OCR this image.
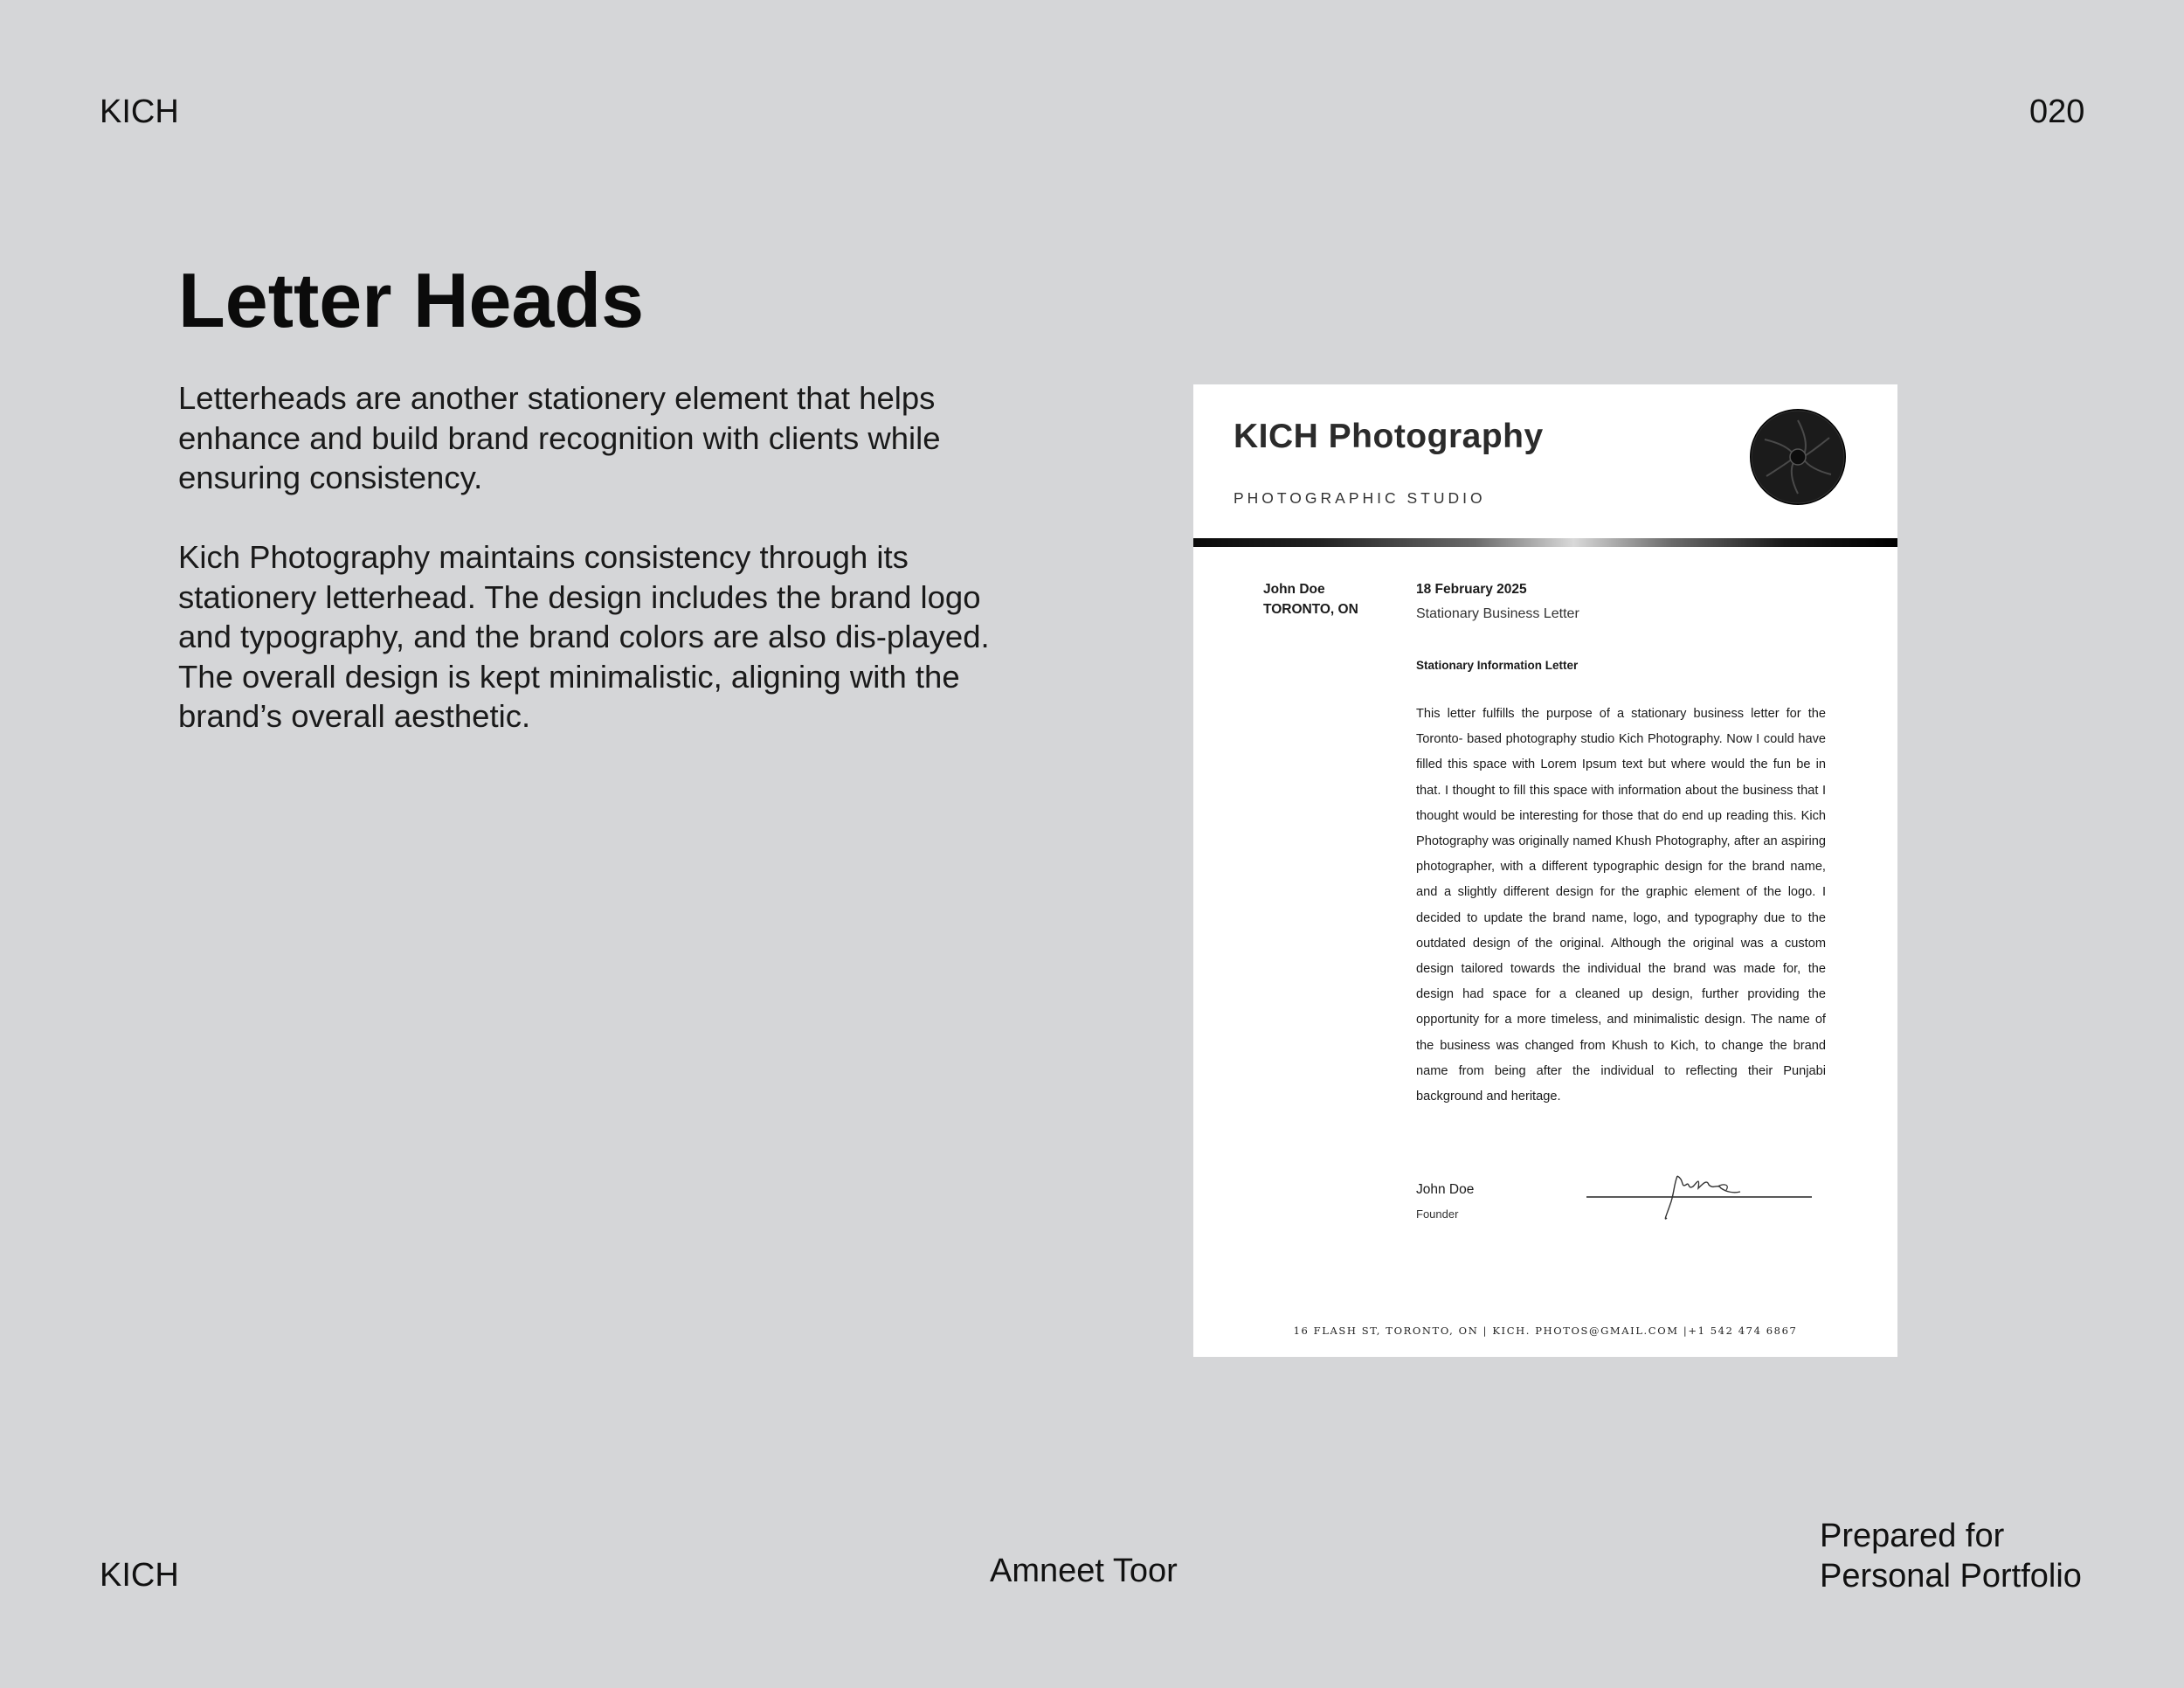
KICH	020
Letter Heads

Letterheads are another stationery element that helps enhance and build brand recognition with clients while ensuring consistency.

Kich Photography maintains consistency through its stationery letterhead. The design includes the brand logo and typography, and the brand colors are also dis-played. The overall design is kept minimalistic, aligning with the brand’s overall aesthetic.

KICH Photography
PHOTOGRAPHIC STUDIO
John Doe
TORONTO, ON
18 February 2025
Stationary Business Letter
Stationary Information Letter
This letter fulfills the purpose of a stationary business letter for the Toronto- based photography studio Kich Photography. Now I could have filled this space with Lorem Ipsum text but where would the fun be in that. I thought to fill this space with information about the business that I thought would be interesting for those that do end up reading this. Kich Photography was originally named Khush Photography, after an aspiring photographer, with a different typographic design for the brand name, and a slightly different design for the graphic element of the logo. I decided to update the brand name, logo, and typography due to the outdated design of the original. Although the original was a custom design tailored towards the individual the brand was made for, the design had space for a cleaned up design, further providing the opportunity for a more timeless, and minimalistic design. The name of the business was changed from Khush to Kich, to change the brand name from being after the individual to reflecting their Punjabi background and heritage.
John Doe
Founder
16 FLASH ST, TORONTO, ON | KICH. PHOTOS@GMAIL.COM |+1 542 474 6867
KICH	Amneet Toor
Prepared for
Personal Portfolio
